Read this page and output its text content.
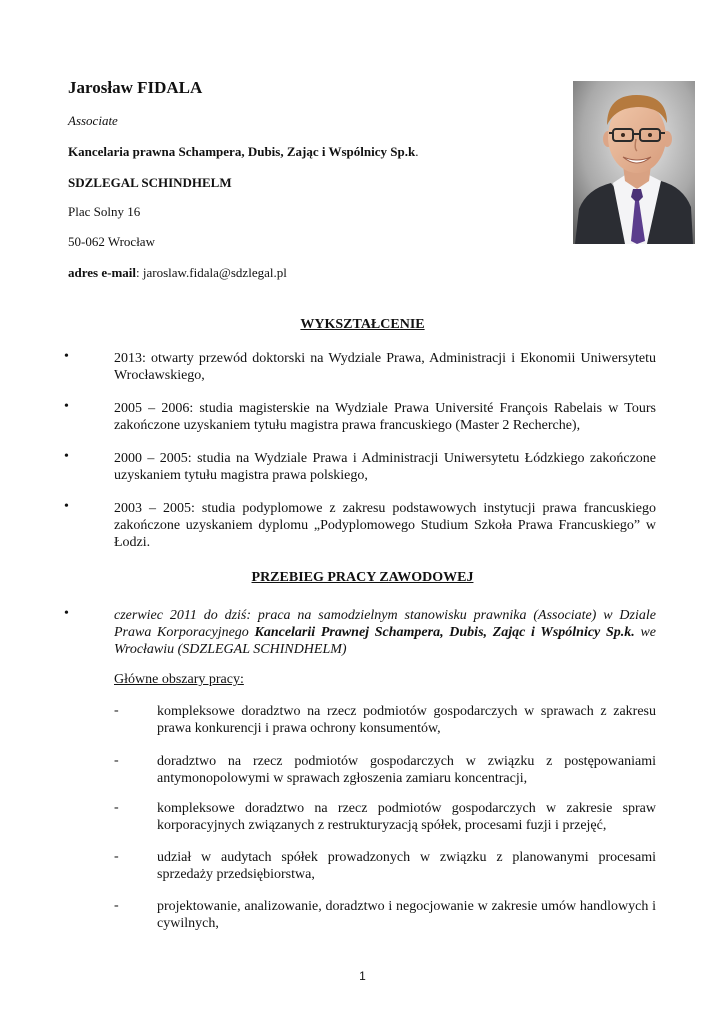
Jarosław FIDALA
Associate
Kancelaria prawna Schampera, Dubis, Zając i Wspólnicy Sp.k.
SDZLEGAL SCHINDHELM
Plac Solny 16
50-062 Wrocław
adres e-mail: jaroslaw.fidala@sdzlegal.pl
WYKSZTAŁCENIE
•	2013: otwarty przewód doktorski na Wydziale Prawa, Administracji i Ekonomii Uniwersytetu Wrocławskiego,
•	2005 – 2006: studia magisterskie na Wydziale Prawa Université François Rabelais w Tours zakończone uzyskaniem tytułu magistra prawa francuskiego (Master 2 Recherche),
•	2000 – 2005: studia na Wydziale Prawa i Administracji Uniwersytetu Łódzkiego zakończone uzyskaniem tytułu magistra prawa polskiego,
•	2003 – 2005: studia podyplomowe z zakresu podstawowych instytucji prawa francuskiego zakończone uzyskaniem dyplomu „Podyplomowego Studium Szkoła Prawa Francuskiego” w Łodzi.
PRZEBIEG PRACY ZAWODOWEJ
•	czerwiec 2011 do dziś: praca na samodzielnym stanowisku prawnika (Associate) w Dziale Prawa Korporacyjnego Kancelarii Prawnej Schampera, Dubis, Zając i Wspólnicy Sp.k. we Wrocławiu (SDZLEGAL SCHINDHELM)
Główne obszary pracy:
-	kompleksowe doradztwo na rzecz podmiotów gospodarczych w sprawach z zakresu prawa konkurencji i prawa ochrony konsumentów,
-	doradztwo na rzecz podmiotów gospodarczych w związku z postępowaniami antymonopolowymi w sprawach zgłoszenia zamiaru koncentracji,
-	kompleksowe doradztwo na rzecz podmiotów gospodarczych w zakresie spraw korporacyjnych związanych z restrukturyzacją spółek, procesami fuzji i przejęć,
-	udział w audytach spółek prowadzonych w związku z planowanymi procesami sprzedaży przedsiębiorstwa,
-	projektowanie, analizowanie, doradztwo i negocjowanie w zakresie umów handlowych i cywilnych,
1
